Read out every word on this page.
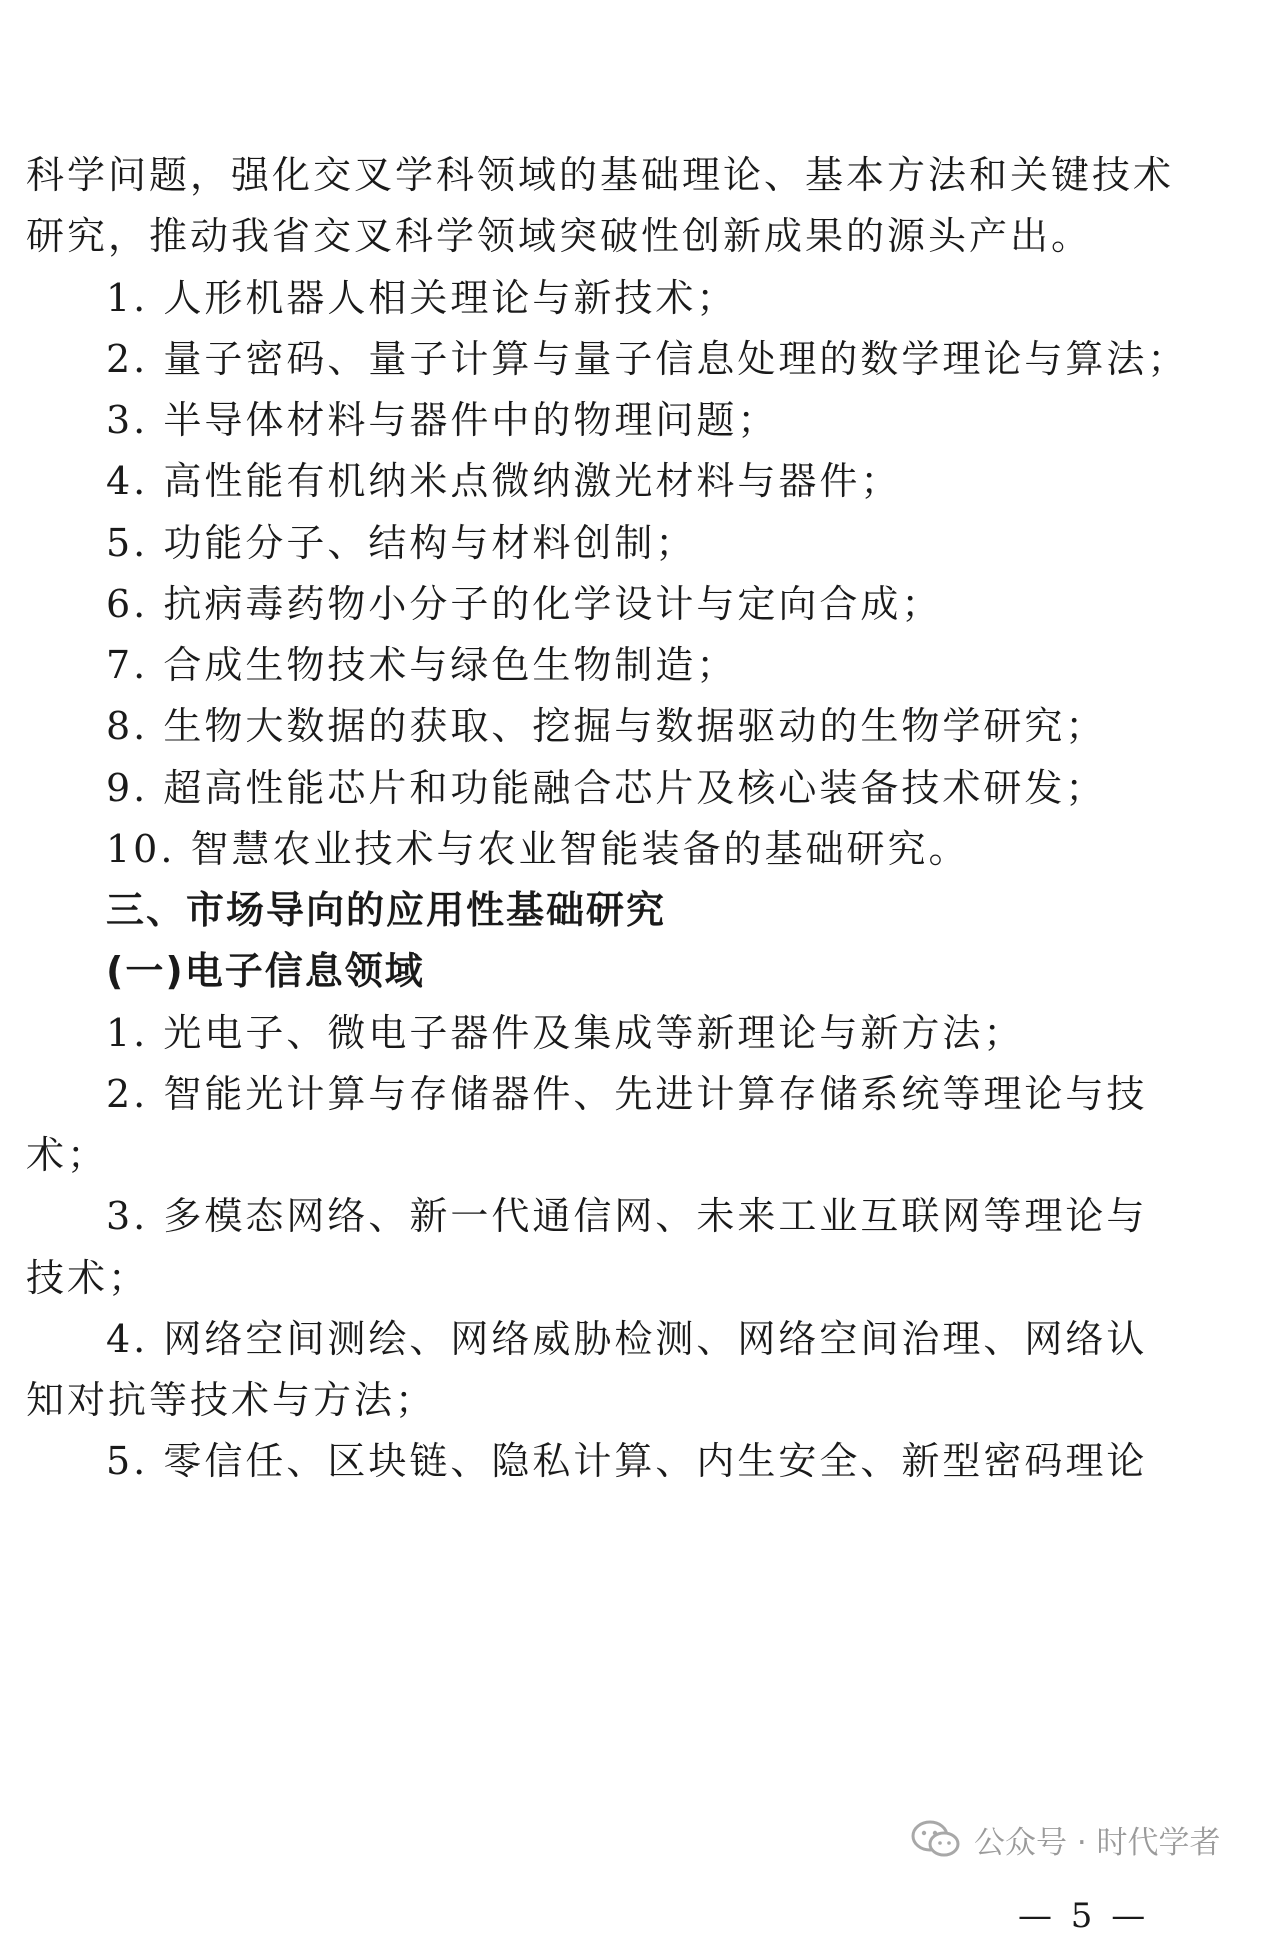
科学问题，强化交叉学科领域的基础理论、基本方法和关键技术
研究，推动我省交叉科学领域突破性创新成果的源头产出。
1. 人形机器人相关理论与新技术；
2. 量子密码、量子计算与量子信息处理的数学理论与算法；
3. 半导体材料与器件中的物理问题；
4. 高性能有机纳米点微纳激光材料与器件；
5. 功能分子、结构与材料创制；
6. 抗病毒药物小分子的化学设计与定向合成；
7. 合成生物技术与绿色生物制造；
8. 生物大数据的获取、挖掘与数据驱动的生物学研究；
9. 超高性能芯片和功能融合芯片及核心装备技术研发；
10. 智慧农业技术与农业智能装备的基础研究。
三、市场导向的应用性基础研究
(一)电子信息领域
1. 光电子、微电子器件及集成等新理论与新方法；
2. 智能光计算与存储器件、先进计算存储系统等理论与技
术；
3. 多模态网络、新一代通信网、未来工业互联网等理论与
技术；
4. 网络空间测绘、网络威胁检测、网络空间治理、网络认
知对抗等技术与方法；
5. 零信任、区块链、隐私计算、内生安全、新型密码理论
公众号 · 时代学者
— 5 —
